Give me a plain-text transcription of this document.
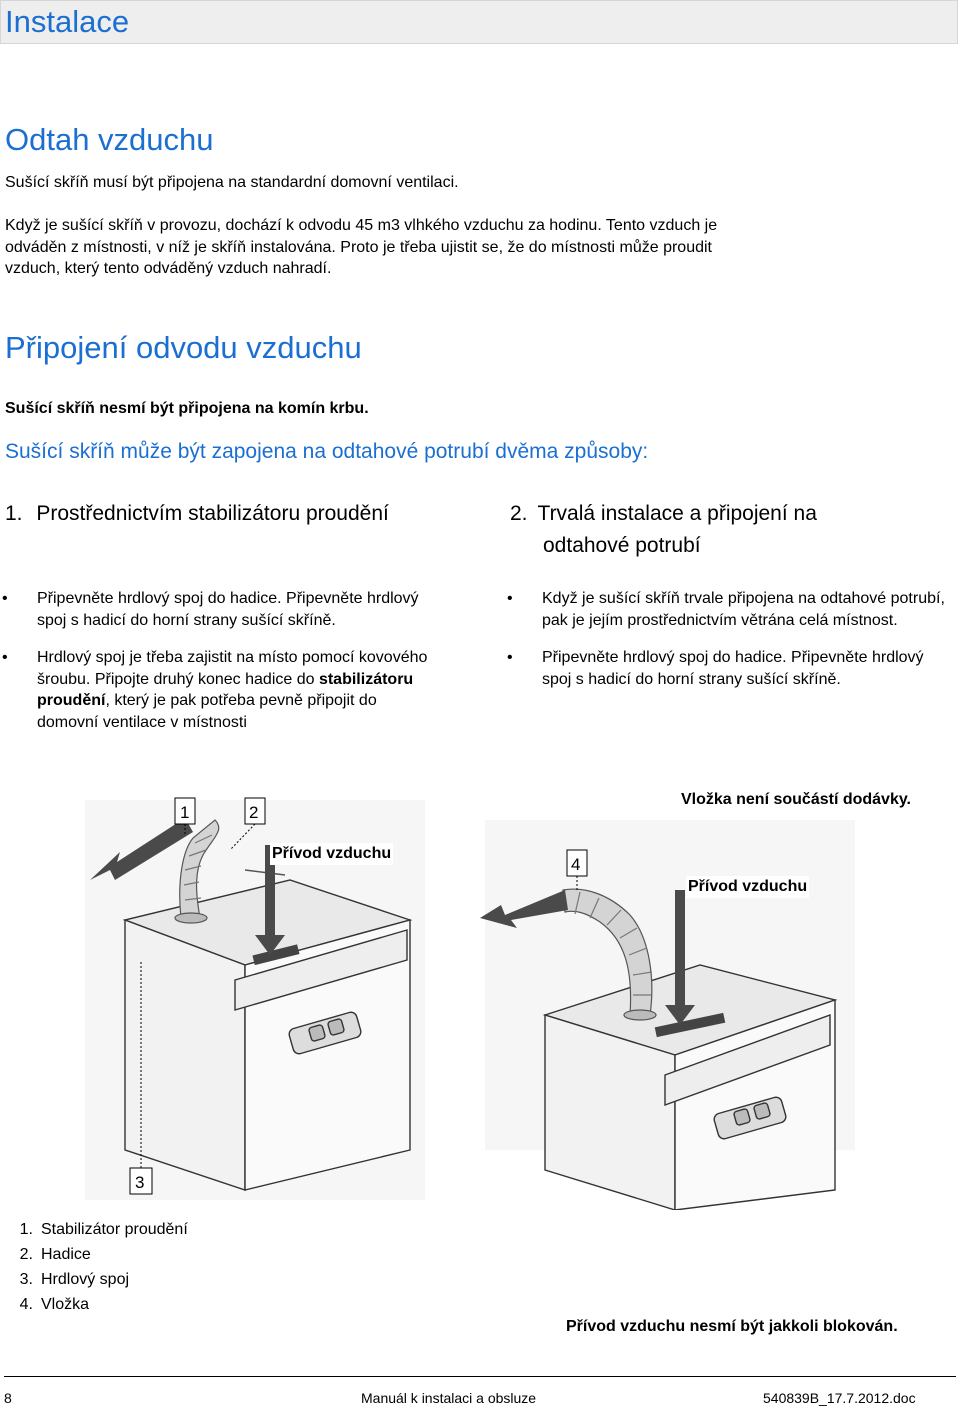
Instalace
Odtah vzduchu
Sušící skříň musí být připojena na standardní domovní ventilaci.
Když je sušící skříň v provozu, dochází k odvodu 45 m3 vlhkého vzduchu za hodinu. Tento vzduch je
odváděn z místnosti, v níž je skříň instalována. Proto je třeba ujistit se, že do místnosti může proudit
vzduch, který tento odváděný vzduch nahradí.
Připojení odvodu vzduchu
Sušící skříň nesmí být připojena na komín krbu.
Sušící skříň může být zapojena na odtahové potrubí dvěma způsoby:
1. Prostřednictvím stabilizátoru proudění
• Připevněte hrdlový spoj do hadice. Připevněte hrdlový spoj s hadicí do horní strany sušící skříně.
• Hrdlový spoj je třeba zajistit na místo pomocí kovového šroubu. Připojte druhý konec hadice do stabilizátoru proudění, který je pak potřeba pevně připojit do domovní ventilace v místnosti
2. Trvalá instalace a připojení na
odtahové potrubí
• Když je sušící skříň trvale připojena na odtahové potrubí, pak je jejím prostřednictvím větrána celá místnost.
• Připevněte hrdlový spoj do hadice. Připevněte hrdlový spoj s hadicí do horní strany sušící skříně.
Vložka není součástí dodávky.
1	2
3
4
Přívod vzduchu
Přívod vzduchu
1. Stabilizátor proudění
2. Hadice
3. Hrdlový spoj
4. Vložka
Přívod vzduchu nesmí být jakkoli blokován.
8	Manuál k instalaci a obsluze	540839B_17.7.2012.doc
